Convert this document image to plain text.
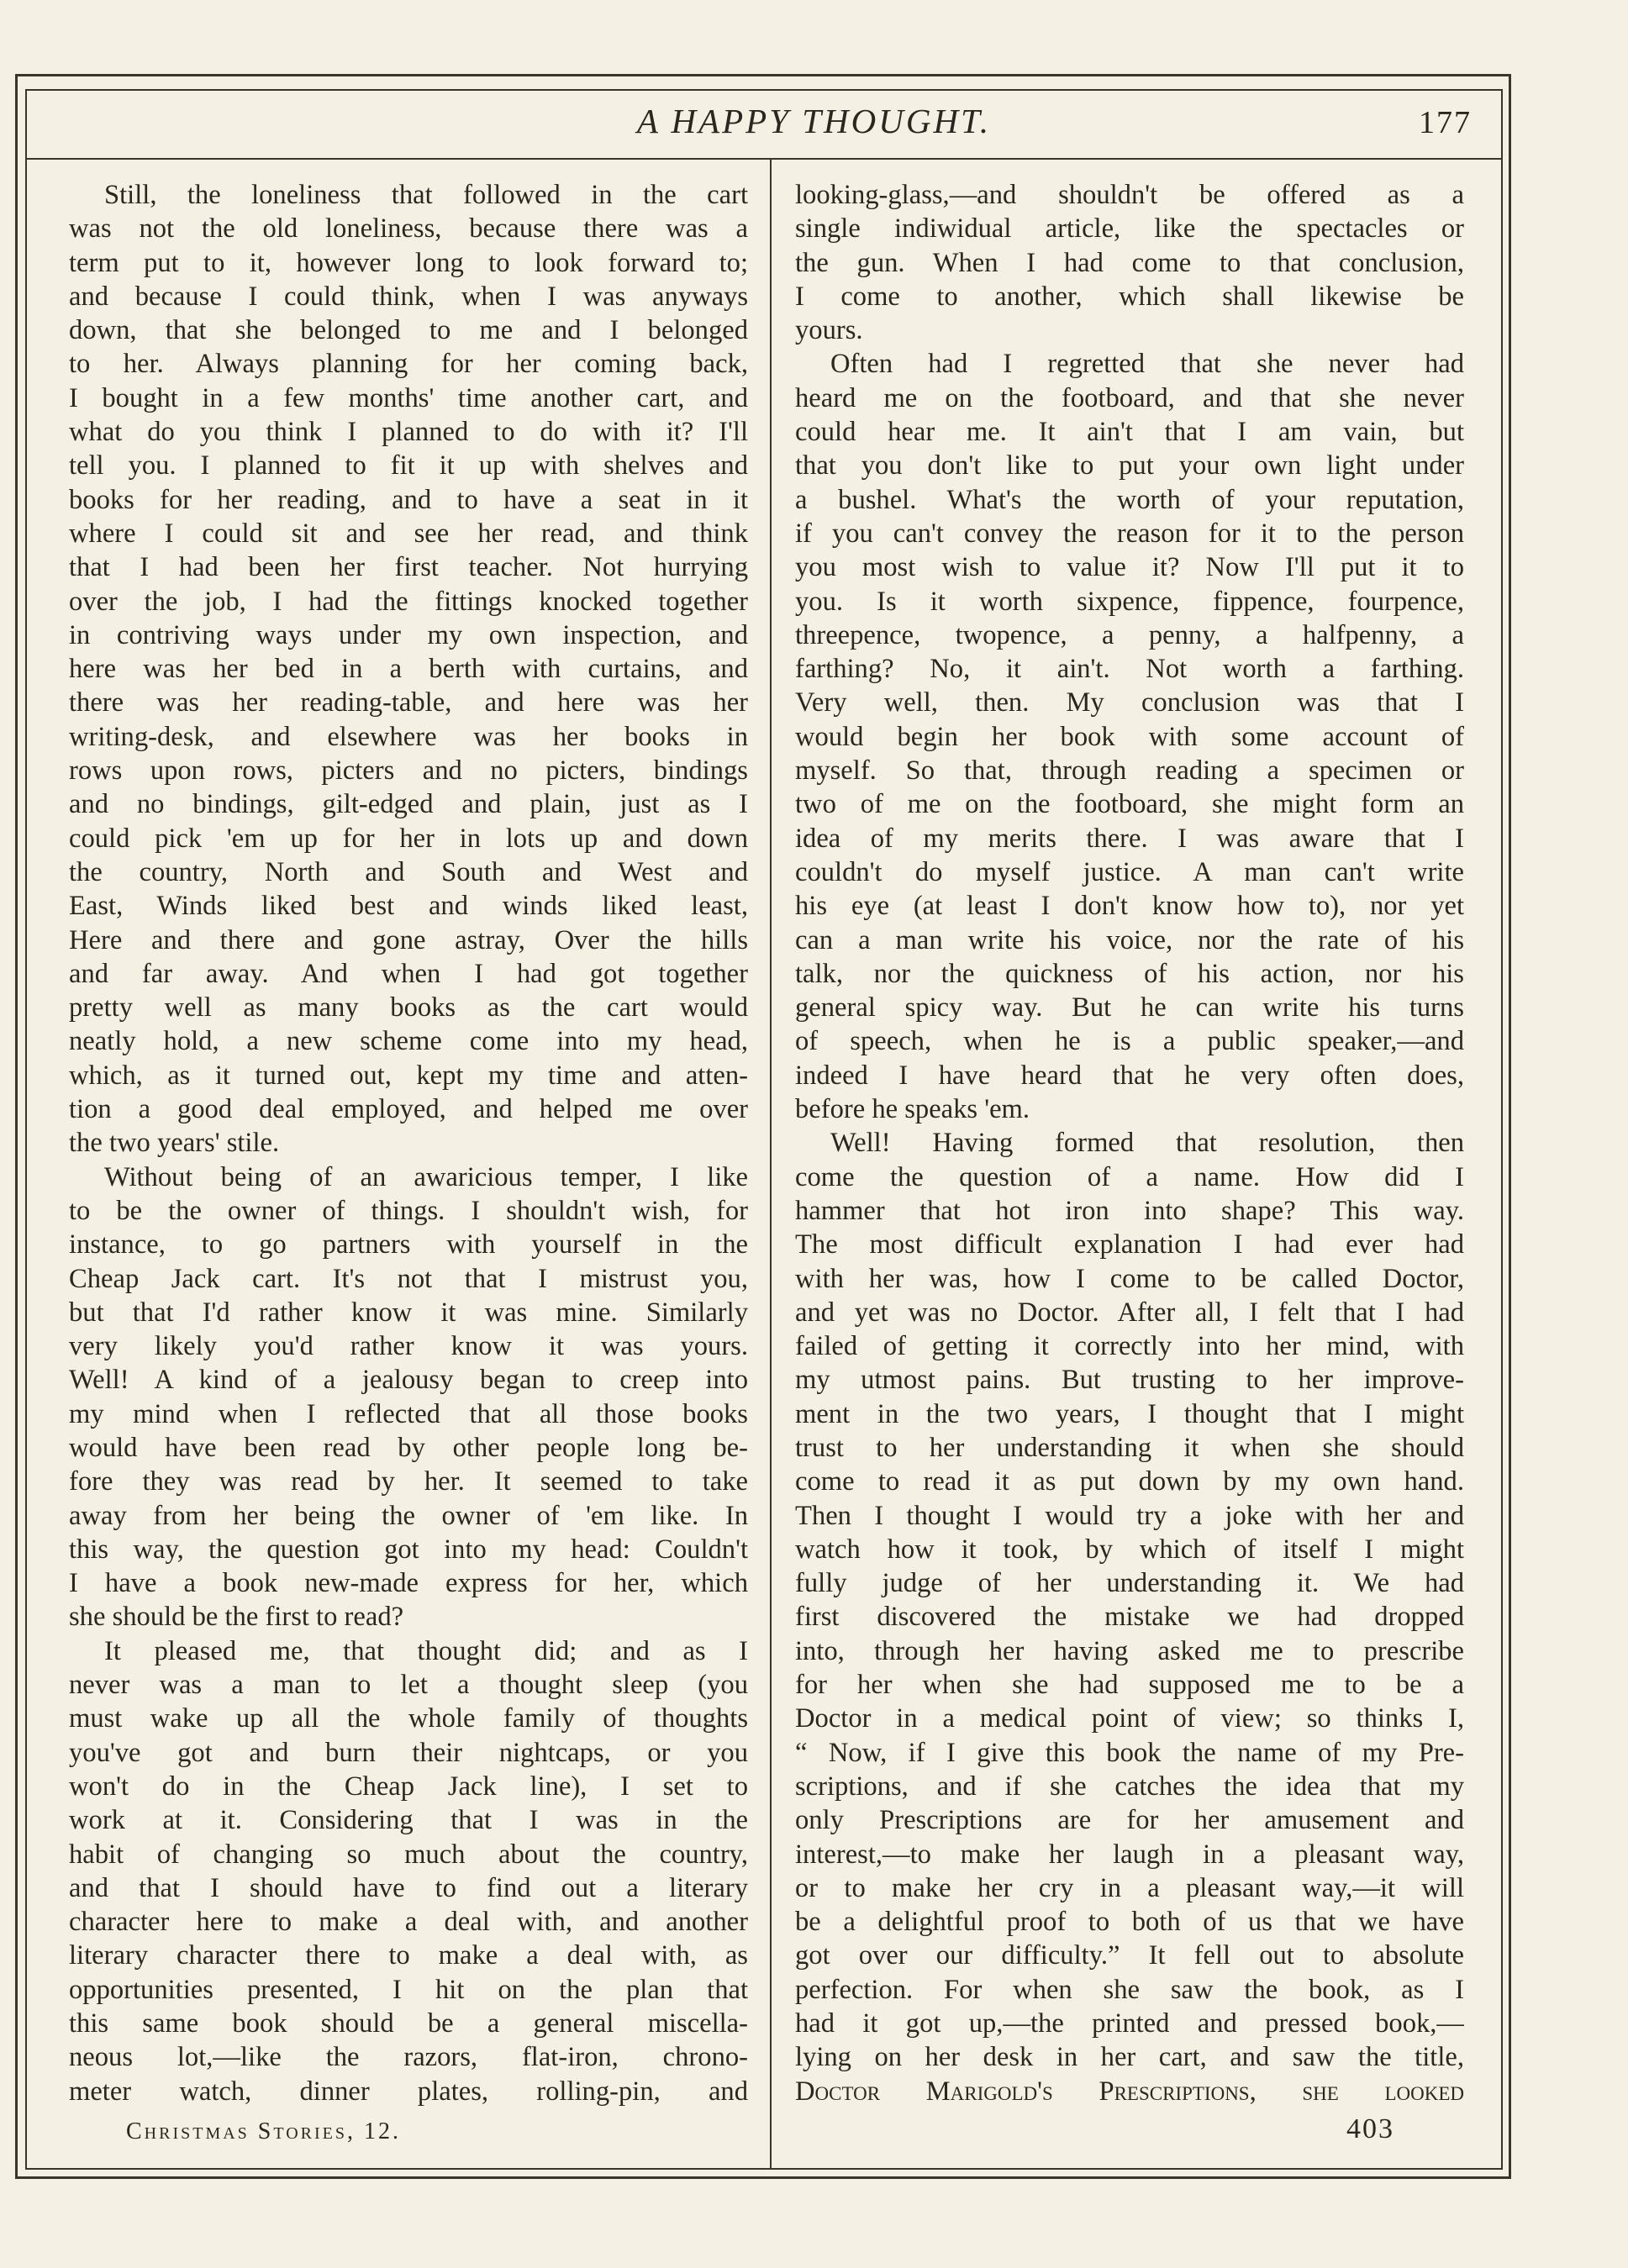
A HAPPY THOUGHT.	177
Still, the loneliness that followed in the cart
was not the old loneliness, because there was a
term put to it, however long to look forward to;
and because I could think, when I was anyways
down, that she belonged to me and I belonged
to her. Always planning for her coming back,
I bought in a few months' time another cart, and
what do you think I planned to do with it? I'll
tell you. I planned to fit it up with shelves and
books for her reading, and to have a seat in it
where I could sit and see her read, and think
that I had been her first teacher. Not hurrying
over the job, I had the fittings knocked together
in contriving ways under my own inspection, and
here was her bed in a berth with curtains, and
there was her reading-table, and here was her
writing-desk, and elsewhere was her books in
rows upon rows, picters and no picters, bindings
and no bindings, gilt-edged and plain, just as I
could pick 'em up for her in lots up and down
the country, North and South and West and
East, Winds liked best and winds liked least,
Here and there and gone astray, Over the hills
and far away. And when I had got together
pretty well as many books as the cart would
neatly hold, a new scheme come into my head,
which, as it turned out, kept my time and atten-
tion a good deal employed, and helped me over
the two years' stile.
Without being of an awaricious temper, I like
to be the owner of things. I shouldn't wish, for
instance, to go partners with yourself in the
Cheap Jack cart. It's not that I mistrust you,
but that I'd rather know it was mine. Similarly
very likely you'd rather know it was yours.
Well! A kind of a jealousy began to creep into
my mind when I reflected that all those books
would have been read by other people long be-
fore they was read by her. It seemed to take
away from her being the owner of 'em like. In
this way, the question got into my head: Couldn't
I have a book new-made express for her, which
she should be the first to read?
It pleased me, that thought did; and as I
never was a man to let a thought sleep (you
must wake up all the whole family of thoughts
you've got and burn their nightcaps, or you
won't do in the Cheap Jack line), I set to
work at it. Considering that I was in the
habit of changing so much about the country,
and that I should have to find out a literary
character here to make a deal with, and another
literary character there to make a deal with, as
opportunities presented, I hit on the plan that
this same book should be a general miscella-
neous lot,—like the razors, flat-iron, chrono-
meter watch, dinner plates, rolling-pin, and
looking-glass,—and shouldn't be offered as a
single indiwidual article, like the spectacles or
the gun. When I had come to that conclusion,
I come to another, which shall likewise be
yours.
Often had I regretted that she never had
heard me on the footboard, and that she never
could hear me. It ain't that I am vain, but
that you don't like to put your own light under
a bushel. What's the worth of your reputation,
if you can't convey the reason for it to the person
you most wish to value it? Now I'll put it to
you. Is it worth sixpence, fippence, fourpence,
threepence, twopence, a penny, a halfpenny, a
farthing? No, it ain't. Not worth a farthing.
Very well, then. My conclusion was that I
would begin her book with some account of
myself. So that, through reading a specimen or
two of me on the footboard, she might form an
idea of my merits there. I was aware that I
couldn't do myself justice. A man can't write
his eye (at least I don't know how to), nor yet
can a man write his voice, nor the rate of his
talk, nor the quickness of his action, nor his
general spicy way. But he can write his turns
of speech, when he is a public speaker,—and
indeed I have heard that he very often does,
before he speaks 'em.
Well! Having formed that resolution, then
come the question of a name. How did I
hammer that hot iron into shape? This way.
The most difficult explanation I had ever had
with her was, how I come to be called Doctor,
and yet was no Doctor. After all, I felt that I had
failed of getting it correctly into her mind, with
my utmost pains. But trusting to her improve-
ment in the two years, I thought that I might
trust to her understanding it when she should
come to read it as put down by my own hand.
Then I thought I would try a joke with her and
watch how it took, by which of itself I might
fully judge of her understanding it. We had
first discovered the mistake we had dropped
into, through her having asked me to prescribe
for her when she had supposed me to be a
Doctor in a medical point of view; so thinks I,
“ Now, if I give this book the name of my Pre-
scriptions, and if she catches the idea that my
only Prescriptions are for her amusement and
interest,—to make her laugh in a pleasant way,
or to make her cry in a pleasant way,—it will
be a delightful proof to both of us that we have
got over our difficulty.” It fell out to absolute
perfection. For when she saw the book, as I
had it got up,—the printed and pressed book,—
lying on her desk in her cart, and saw the title,
Doctor Marigold's Prescriptions, she looked
Christmas Stories, 12.	403
